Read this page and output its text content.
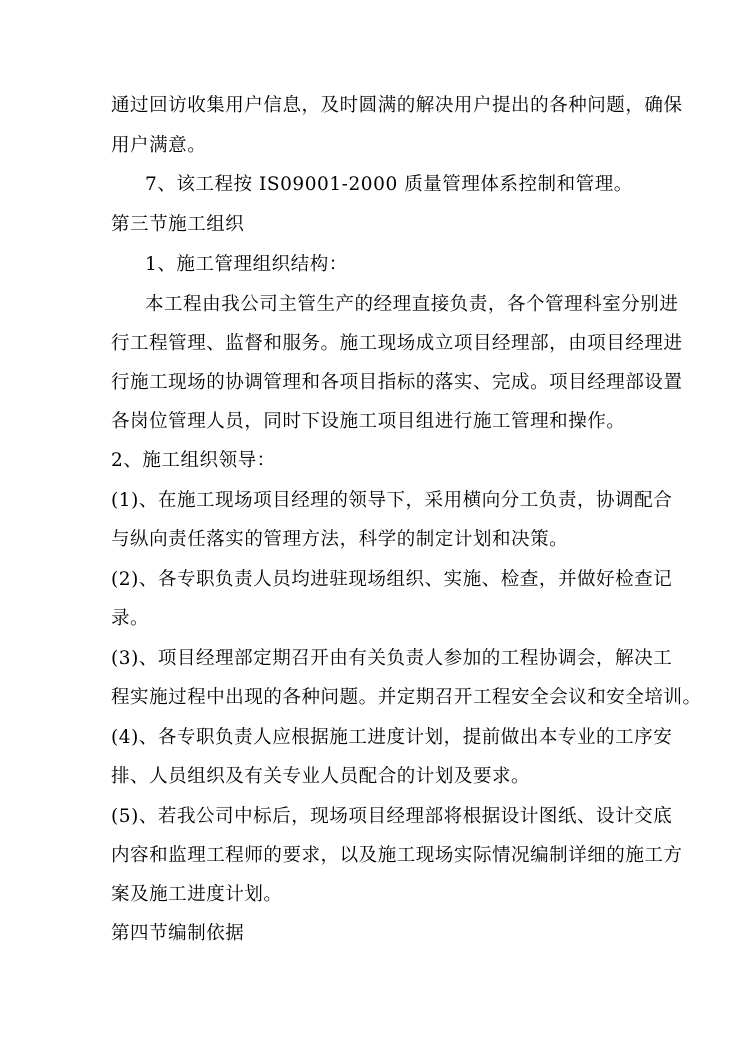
通过回访收集用户信息，及时圆满的解决用户提出的各种问题，确保

用户满意。

7、该工程按 IS09001-2000 质量管理体系控制和管理。

第三节施工组织

1、施工管理组织结构：

本工程由我公司主管生产的经理直接负责，各个管理科室分别进

行工程管理、监督和服务。施工现场成立项目经理部，由项目经理进

行施工现场的协调管理和各项目指标的落实、完成。项目经理部设置

各岗位管理人员，同时下设施工项目组进行施工管理和操作。

2、施工组织领导：

(1)、在施工现场项目经理的领导下，采用横向分工负责，协调配合

与纵向责任落实的管理方法，科学的制定计划和决策。

(2)、各专职负责人员均进驻现场组织、实施、检查，并做好检查记

录。

(3)、项目经理部定期召开由有关负责人参加的工程协调会，解决工

程实施过程中出现的各种问题。并定期召开工程安全会议和安全培训。

(4)、各专职负责人应根据施工进度计划，提前做出本专业的工序安

排、人员组织及有关专业人员配合的计划及要求。

(5)、若我公司中标后，现场项目经理部将根据设计图纸、设计交底

内容和监理工程师的要求，以及施工现场实际情况编制详细的施工方

案及施工进度计划。

第四节编制依据
